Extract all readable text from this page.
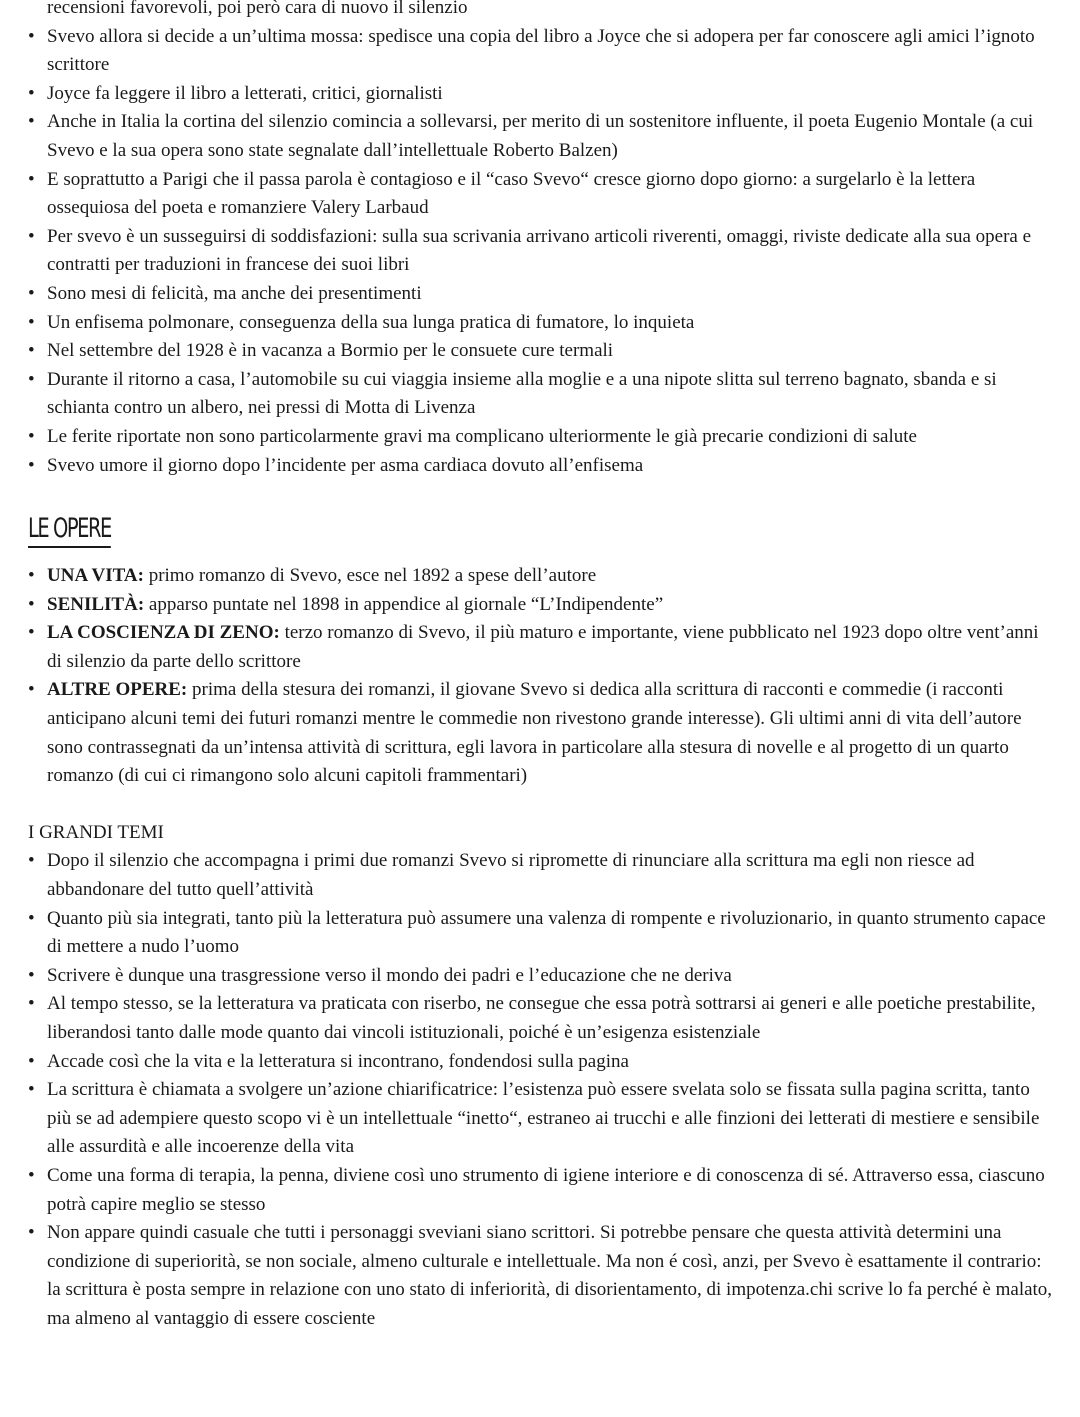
recensioni favorevoli, poi però cara di nuovo il silenzio

• Svevo allora si decide a un’ultima mossa: spedisce una copia del libro a Joyce che si adopera per far conoscere agli amici l’ignoto scrittore
• Joyce fa leggere il libro a letterati, critici, giornalisti
• Anche in Italia la cortina del silenzio comincia a sollevarsi, per merito di un sostenitore influente, il poeta Eugenio Montale (a cui Svevo e la sua opera sono state segnalate dall’intellettuale Roberto Balzen)
• E soprattutto a Parigi che il passa parola è contagioso e il “caso Svevo“ cresce giorno dopo giorno: a surgelarlo è la lettera ossequiosa del poeta e romanziere Valery Larbaud
• Per svevo è un susseguirsi di soddisfazioni: sulla sua scrivania arrivano articoli riverenti, omaggi, riviste dedicate alla sua opera e contratti per traduzioni in francese dei suoi libri
• Sono mesi di felicità, ma anche dei presentimenti
• Un enfisema polmonare, conseguenza della sua lunga pratica di fumatore, lo inquieta
• Nel settembre del 1928 è in vacanza a Bormio per le consuete cure termali
• Durante il ritorno a casa, l’automobile su cui viaggia insieme alla moglie e a una nipote slitta sul terreno bagnato, sbanda e si schianta contro un albero, nei pressi di Motta di Livenza
• Le ferite riportate non sono particolarmente gravi ma complicano ulteriormente le già precarie condizioni di salute
• Svevo umore il giorno dopo l’incidente per asma cardiaca dovuto all’enfisema
LE OPERE
• UNA VITA: primo romanzo di Svevo, esce nel 1892 a spese dell’autore
• SENILITÀ: apparso puntate nel 1898 in appendice al giornale “L’Indipendente”
• LA COSCIENZA DI ZENO: terzo romanzo di Svevo, il più maturo e importante, viene pubblicato nel 1923 dopo oltre vent’anni di silenzio da parte dello scrittore
• ALTRE OPERE: prima della stesura dei romanzi, il giovane Svevo si dedica alla scrittura di racconti e commedie (i racconti anticipano alcuni temi dei futuri romanzi mentre le commedie non rivestono grande interesse). Gli ultimi anni di vita dell’autore sono contrassegnati da un’intensa attività di scrittura, egli lavora in particolare alla stesura di novelle e al progetto di un quarto romanzo (di cui ci rimangono solo alcuni capitoli frammentari)

I GRANDI TEMI

• Dopo il silenzio che accompagna i primi due romanzi Svevo si ripromette di rinunciare alla scrittura ma egli non riesce ad abbandonare del tutto quell’attività
• Quanto più sia integrati, tanto più la letteratura può assumere una valenza di rompente e rivoluzionario, in quanto strumento capace di mettere a nudo l’uomo
• Scrivere è dunque una trasgressione verso il mondo dei padri e l’educazione che ne deriva
• Al tempo stesso, se la letteratura va praticata con riserbo, ne consegue che essa potrà sottrarsi ai generi e alle poetiche prestabilite, liberandosi tanto dalle mode quanto dai vincoli istituzionali, poiché è un’esigenza esistenziale
• Accade così che la vita e la letteratura si incontrano, fondendosi sulla pagina
• La scrittura è chiamata a svolgere un’azione chiarificatrice: l’esistenza può essere svelata solo se fissata sulla pagina scritta, tanto più se ad adempiere questo scopo vi è un intellettuale “inetto“, estraneo ai trucchi e alle finzioni dei letterati di mestiere e sensibile alle assurdità e alle incoerenze della vita
• Come una forma di terapia, la penna, diviene così uno strumento di igiene interiore e di conoscenza di sé. Attraverso essa, ciascuno potrà capire meglio se stesso
• Non appare quindi casuale che tutti i personaggi sveviani siano scrittori. Si potrebbe pensare che questa attività determini una condizione di superiorità, se non sociale, almeno culturale e intellettuale. Ma non é così, anzi, per Svevo è esattamente il contrario: la scrittura è posta sempre in relazione con uno stato di inferiorità, di disorientamento, di impotenza.chi scrive lo fa perché è malato, ma almeno al vantaggio di essere cosciente
